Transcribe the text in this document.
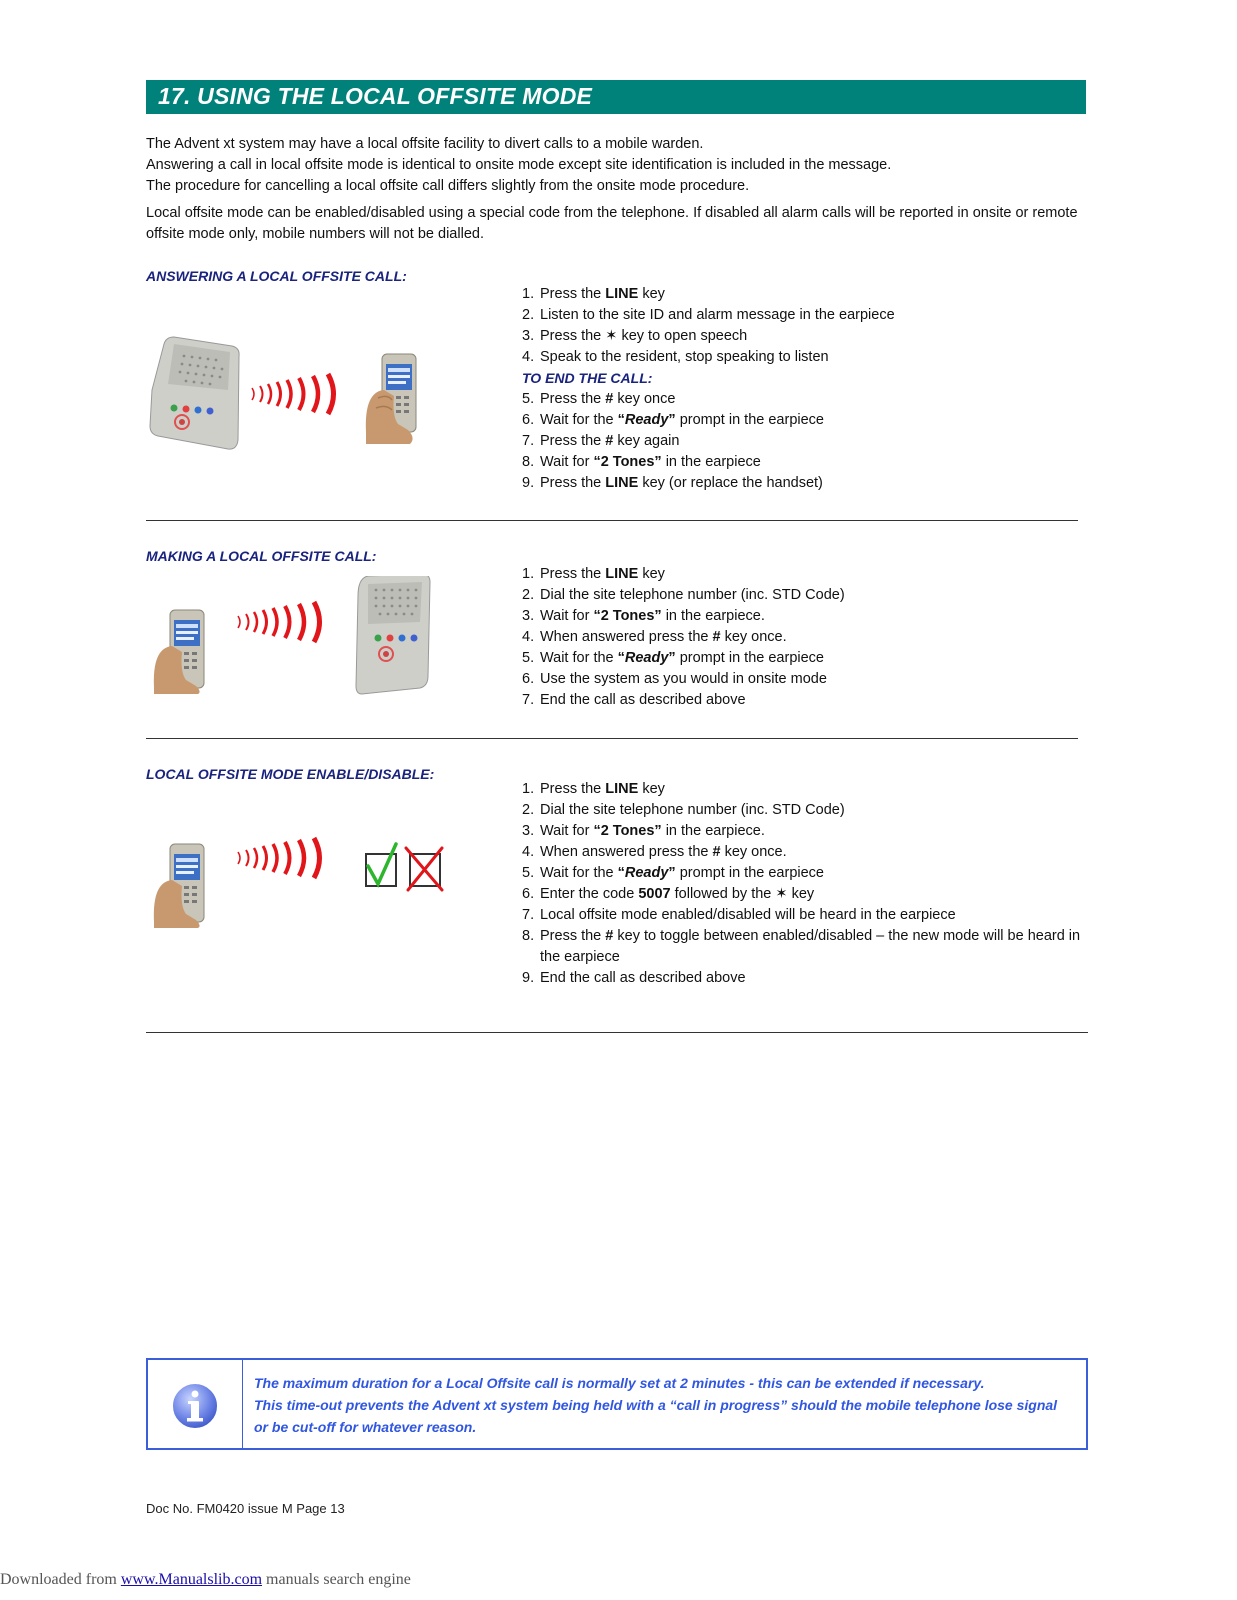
17. USING THE LOCAL OFFSITE MODE

The Advent xt system may have a local offsite facility to divert calls to a mobile warden.

Answering a call in local offsite mode is identical to onsite mode except site identification is included in the message.

The procedure for cancelling a local offsite call differs slightly from the onsite mode procedure.

Local offsite mode can be enabled/disabled using a special code from the telephone. If disabled all alarm calls will be reported in onsite or remote offsite mode only, mobile numbers will not be dialled.

ANSWERING A LOCAL OFFSITE CALL:
1. Press the LINE key
2. Listen to the site ID and alarm message in the earpiece
3. Press the ✶ key to open speech
4. Speak to the resident, stop speaking to listen
TO END THE CALL:
5. Press the # key once
6. Wait for the “Ready” prompt in the earpiece
7. Press the # key again
8. Wait for “2 Tones” in the earpiece
9. Press the LINE key (or replace the handset)
MAKING A LOCAL OFFSITE CALL:
1. Press the LINE key
2. Dial the site telephone number (inc. STD Code)
3. Wait for “2 Tones” in the earpiece.
4. When answered press the # key once.
5. Wait for the “Ready” prompt in the earpiece
6. Use the system as you would in onsite mode
7. End the call as described above
LOCAL OFFSITE MODE ENABLE/DISABLE:
1. Press the LINE key
2. Dial the site telephone number (inc. STD Code)
3. Wait for “2 Tones” in the earpiece.
4. When answered press the # key once.
5. Wait for the “Ready” prompt in the earpiece
6. Enter the code 5007 followed by the ✶ key
7. Local offsite mode enabled/disabled will be heard in the earpiece
8. Press the # key to toggle between enabled/disabled – the new mode will be heard in the earpiece
9. End the call as described above
The maximum duration for a Local Offsite call is normally set at 2 minutes - this can be extended if necessary.
This time-out prevents the Advent xt system being held with a “call in progress” should the mobile telephone lose signal or be cut-off for whatever reason.
Doc No. FM0420 issue M Page 13
Downloaded from www.Manualslib.com manuals search engine
